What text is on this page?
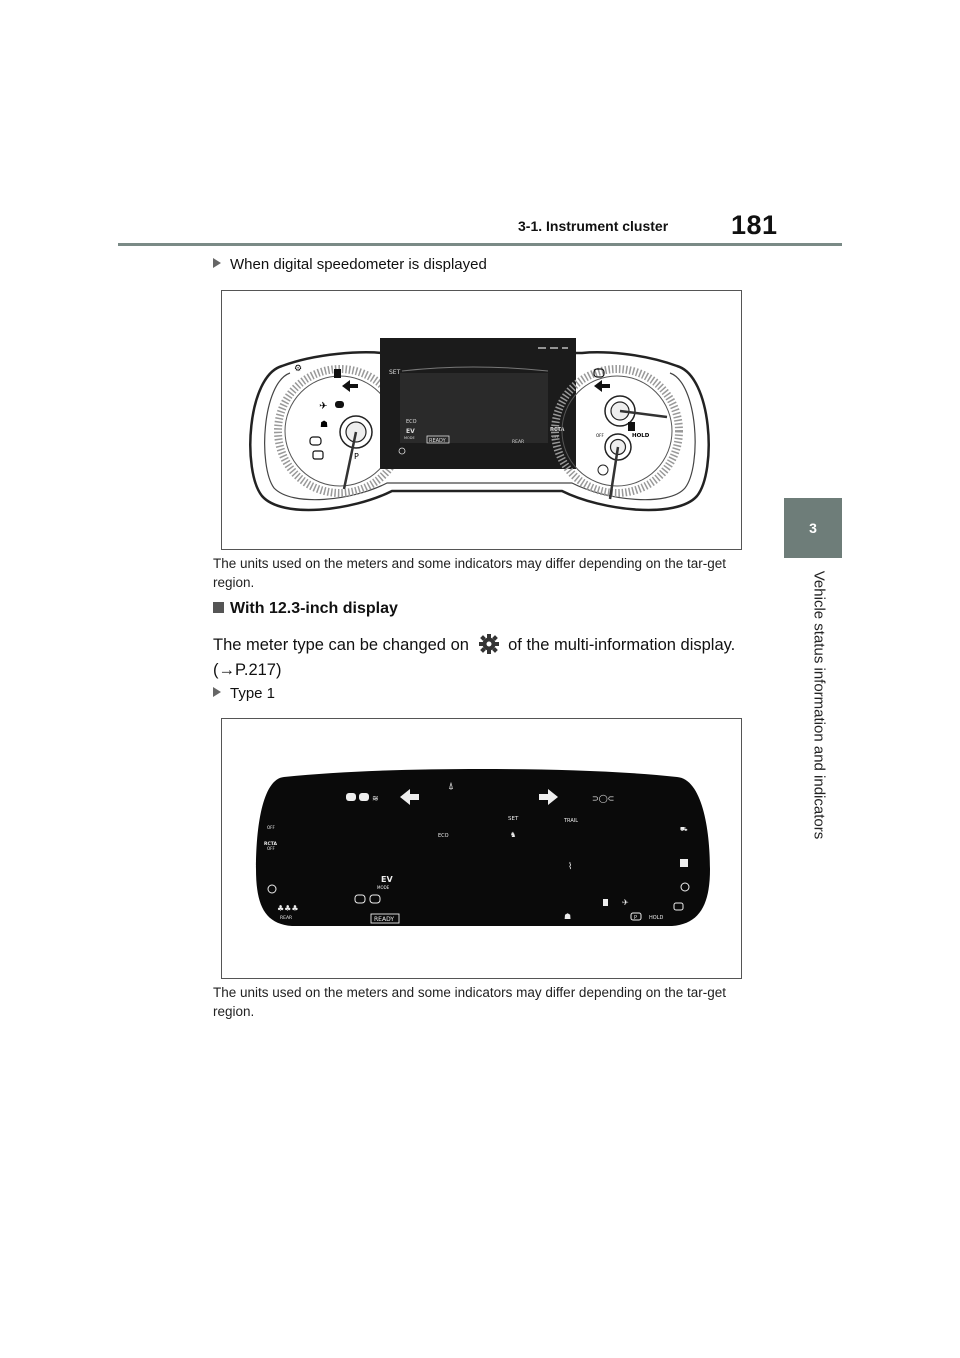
3-1. Instrument cluster 181
3
Vehicle status information and indicators
When digital speedometer is displayed
⚙
✈
☗
P
SET
ECO
EV
MODE	READY	REAR
RCTA
OFF	HOLD
OFF
The units used on the meters and some indicators may differ depending on the tar-get region.
With 12.3-inch display
The meter type can be changed on of the multi-information display.
(→P.217)
Type 1
≋
⍋
⊃◯⊂
SET	TRAIL
ECO	♞
OFF
RCTA
OFF
EV
MODE
READY
♣♣♣
REAR
⌇
✈
☗	P HOLD
⛟
The units used on the meters and some indicators may differ depending on the tar-get region.
